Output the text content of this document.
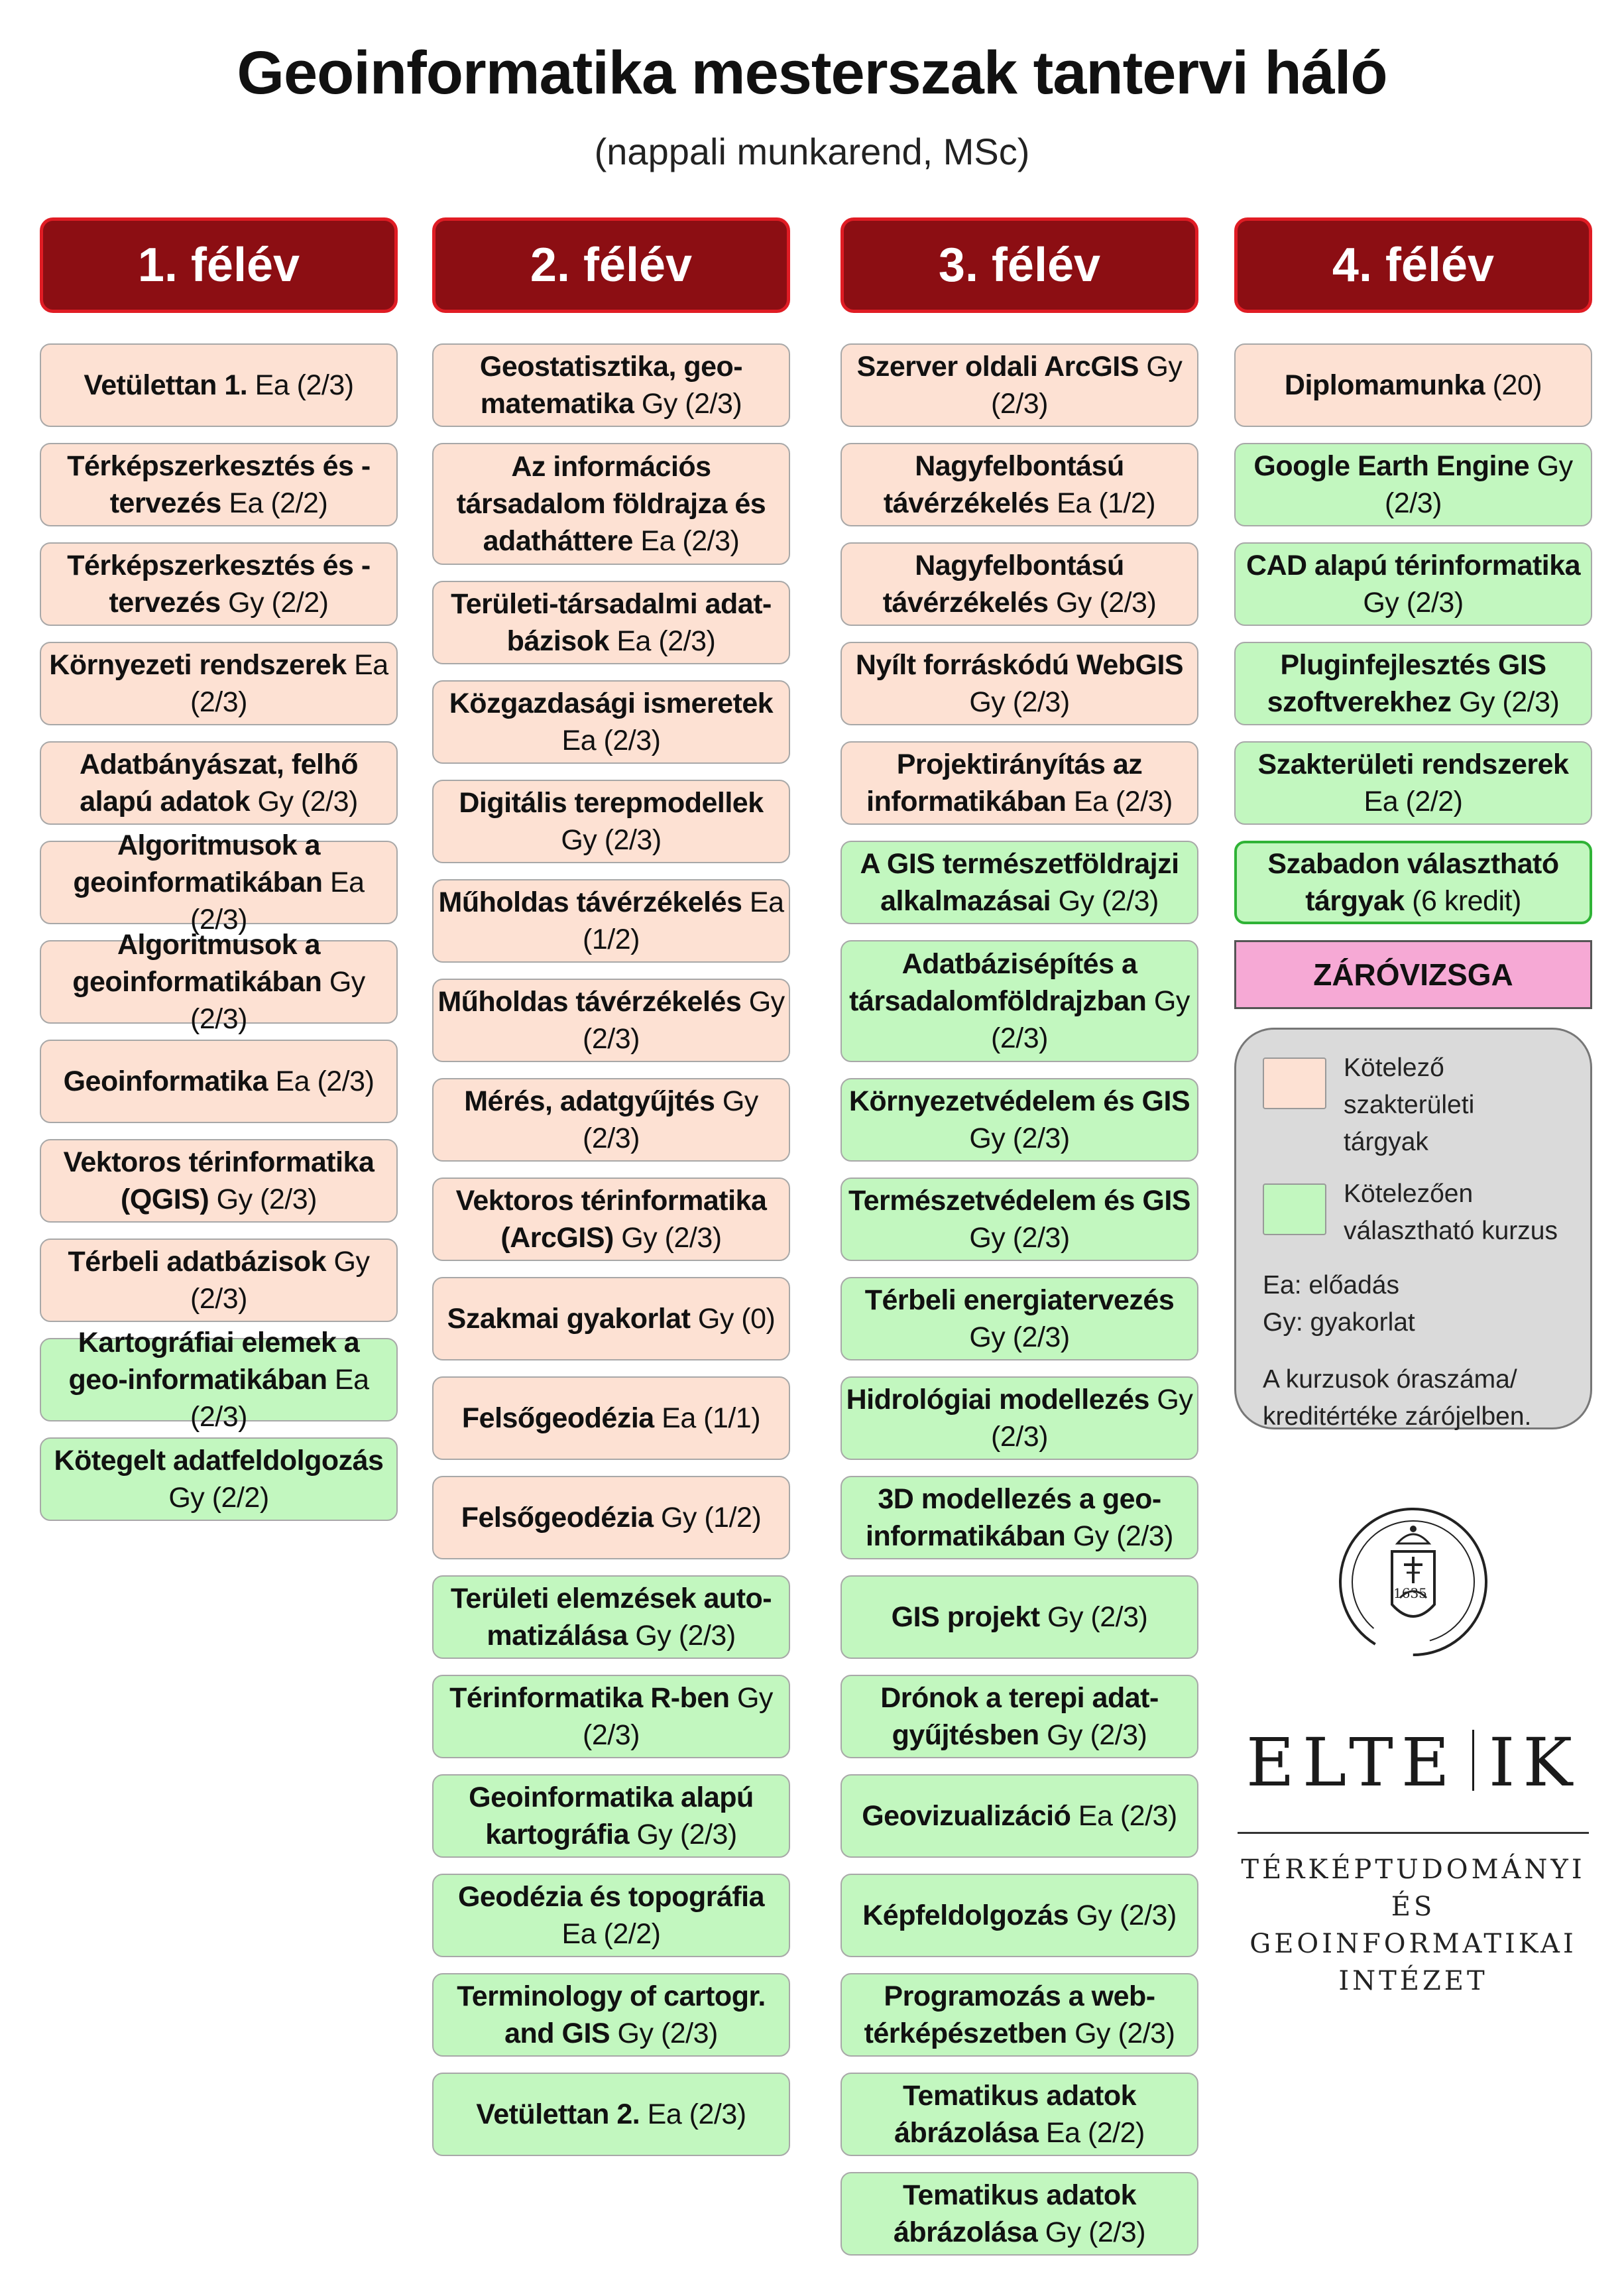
Geoinformatika mesterszak tantervi háló
(nappali munkarend, MSc)
1. félév
Vetülettan 1. Ea (2/3)
Térképszerkesztés és -tervezés Ea (2/2)
Térképszerkesztés és -tervezés Gy (2/2)
Környezeti rendszerek Ea (2/3)
Adatbányászat, felhő alapú adatok Gy (2/3)
Algoritmusok a geoinformatikában Ea (2/3)
Algoritmusok a geoinformatikában Gy (2/3)
Geoinformatika Ea (2/3)
Vektoros térinformatika (QGIS) Gy (2/3)
Térbeli adatbázisok Gy (2/3)
Kartográfiai elemek a geo-informatikában Ea (2/3)
Kötegelt adatfeldolgozás Gy (2/2)
2. félév
Geostatisztika, geo-matematika Gy (2/3)
Az információs társadalom földrajza és adatháttere Ea (2/3)
Területi-társadalmi adat-bázisok Ea (2/3)
Közgazdasági ismeretek Ea (2/3)
Digitális terepmodellek Gy (2/3)
Műholdas távérzékelés Ea (1/2)
Műholdas távérzékelés Gy (2/3)
Mérés, adatgyűjtés Gy (2/3)
Vektoros térinformatika (ArcGIS) Gy (2/3)
Szakmai gyakorlat Gy (0)
Felsőgeodézia Ea (1/1)
Felsőgeodézia Gy (1/2)
Területi elemzések auto-matizálása Gy (2/3)
Térinformatika R-ben Gy (2/3)
Geoinformatika alapú kartográfia Gy (2/3)
Geodézia és topográfia Ea (2/2)
Terminology of cartogr. and GIS Gy (2/3)
Vetülettan 2. Ea (2/3)
3. félév
Szerver oldali ArcGIS Gy (2/3)
Nagyfelbontású távérzékelés Ea (1/2)
Nagyfelbontású távérzékelés Gy (2/3)
Nyílt forráskódú WebGIS Gy (2/3)
Projektirányítás az informatikában Ea (2/3)
A GIS természetföldrajzi alkalmazásai Gy (2/3)
Adatbázisépítés a társadalomföldrajzban Gy (2/3)
Környezetvédelem és GIS Gy (2/3)
Természetvédelem és GIS Gy (2/3)
Térbeli energiatervezés Gy (2/3)
Hidrológiai modellezés Gy (2/3)
3D modellezés a geo-informatikában Gy (2/3)
GIS projekt Gy (2/3)
Drónok a terepi adat-gyűjtésben Gy (2/3)
Geovizualizáció Ea (2/3)
Képfeldolgozás Gy (2/3)
Programozás a web-térképészetben Gy (2/3)
Tematikus adatok ábrázolása Ea (2/2)
Tematikus adatok ábrázolása Gy (2/3)
4. félév
Diplomamunka (20)
Google Earth Engine Gy (2/3)
CAD alapú térinformatika Gy (2/3)
Pluginfejlesztés GIS szoftverekhez Gy (2/3)
Szakterületi rendszerek Ea (2/2)
Szabadon választható tárgyak (6 kredit)
ZÁRÓVIZSGA
Kötelező szakterületi tárgyak
Kötelezően választható kurzus
Ea: előadás
Gy: gyakorlat
A kurzusok óraszáma/ kreditértéke zárójelben.
1635
ELTE IK
TÉRKÉPTUDOMÁNYI ÉS
GEOINFORMATIKAI
INTÉZET
